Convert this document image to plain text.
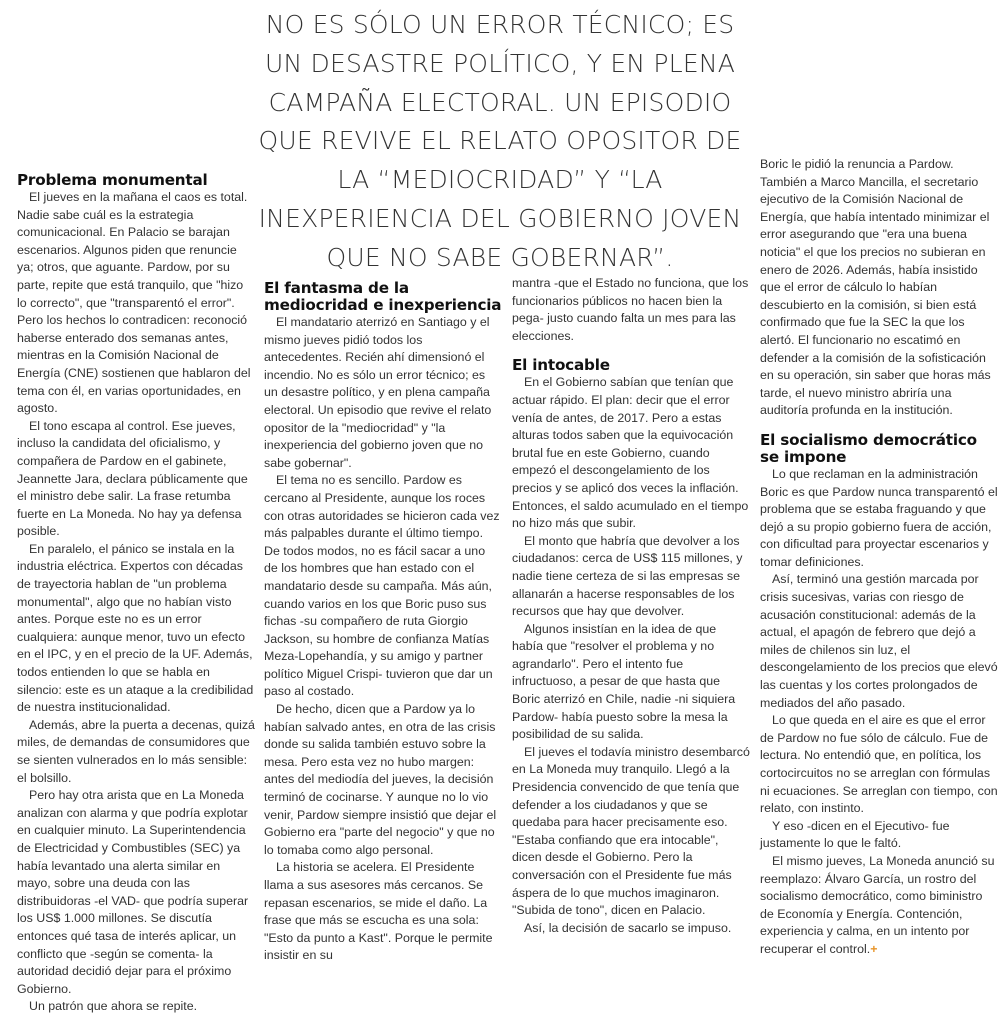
NO ES SÓLO UN ERROR TÉCNICO; ES UN DESASTRE POLÍTICO, Y EN PLENA CAMPAÑA ELECTORAL. UN EPISODIO QUE REVIVE EL RELATO OPOSITOR DE LA “MEDIOCRIDAD” Y “LA INEXPERIENCIA DEL GOBIERNO JOVEN QUE NO SABE GOBERNAR”.
Problema monumental

El jueves en la mañana el caos es total. Nadie sabe cuál es la estrategia comunicacional. En Palacio se barajan escenarios. Algunos piden que renuncie ya; otros, que aguante. Pardow, por su parte, repite que está tranquilo, que "hizo lo correcto", que "transparentó el error". Pero los hechos lo contradicen: reconoció haberse enterado dos semanas antes, mientras en la Comisión Nacional de Energía (CNE) sostienen que hablaron del tema con él, en varias oportunidades, en agosto.

El tono escapa al control. Ese jueves, incluso la candidata del oficialismo, y compañera de Pardow en el gabinete, Jeannette Jara, declara públicamente que el ministro debe salir. La frase retumba fuerte en La Moneda. No hay ya defensa posible.

En paralelo, el pánico se instala en la industria eléctrica. Expertos con décadas de trayectoria hablan de "un problema monumental", algo que no habían visto antes. Porque este no es un error cualquiera: aunque menor, tuvo un efecto en el IPC, y en el precio de la UF. Además, todos entienden lo que se habla en silencio: este es un ataque a la credibilidad de nuestra institucionalidad.

Además, abre la puerta a decenas, quizá miles, de demandas de consumidores que se sienten vulnerados en lo más sensible: el bolsillo.

Pero hay otra arista que en La Moneda analizan con alarma y que podría explotar en cualquier minuto. La Superintendencia de Electricidad y Combustibles (SEC) ya había levantado una alerta similar en mayo, sobre una deuda con las distribuidoras -el VAD- que podría superar los US$ 1.000 millones. Se discutía entonces qué tasa de interés aplicar, un conflicto que -según se comenta- la autoridad decidió dejar para el próximo Gobierno.

Un patrón que ahora se repite.

El fantasma de la mediocridad e inexperiencia

El mandatario aterrizó en Santiago y el mismo jueves pidió todos los antecedentes. Recién ahí dimensionó el incendio. No es sólo un error técnico; es un desastre político, y en plena campaña electoral. Un episodio que revive el relato opositor de la "mediocridad" y "la inexperiencia del gobierno joven que no sabe gobernar".

El tema no es sencillo. Pardow es cercano al Presidente, aunque los roces con otras autoridades se hicieron cada vez más palpables durante el último tiempo. De todos modos, no es fácil sacar a uno de los hombres que han estado con el mandatario desde su campaña. Más aún, cuando varios en los que Boric puso sus fichas -su compañero de ruta Giorgio Jackson, su hombre de confianza Matías Meza-Lopehandía, y su amigo y partner político Miguel Crispi- tuvieron que dar un paso al costado.

De hecho, dicen que a Pardow ya lo habían salvado antes, en otra de las crisis donde su salida también estuvo sobre la mesa. Pero esta vez no hubo margen: antes del mediodía del jueves, la decisión terminó de cocinarse. Y aunque no lo vio venir, Pardow siempre insistió que dejar el Gobierno era "parte del negocio" y que no lo tomaba como algo personal.

La historia se acelera. El Presidente llama a sus asesores más cercanos. Se repasan escenarios, se mide el daño. La frase que más se escucha es una sola: "Esto da punto a Kast". Porque le permite insistir en su

mantra -que el Estado no funciona, que los funcionarios públicos no hacen bien la pega- justo cuando falta un mes para las elecciones.

El intocable

En el Gobierno sabían que tenían que actuar rápido. El plan: decir que el error venía de antes, de 2017. Pero a estas alturas todos saben que la equivocación brutal fue en este Gobierno, cuando empezó el descongelamiento de los precios y se aplicó dos veces la inflación. Entonces, el saldo acumulado en el tiempo no hizo más que subir.

El monto que habría que devolver a los ciudadanos: cerca de US$ 115 millones, y nadie tiene certeza de si las empresas se allanarán a hacerse responsables de los recursos que hay que devolver.

Algunos insistían en la idea de que había que "resolver el problema y no agrandarlo". Pero el intento fue infructuoso, a pesar de que hasta que Boric aterrizó en Chile, nadie -ni siquiera Pardow- había puesto sobre la mesa la posibilidad de su salida.

El jueves el todavía ministro desembarcó en La Moneda muy tranquilo. Llegó a la Presidencia convencido de que tenía que defender a los ciudadanos y que se quedaba para hacer precisamente eso. "Estaba confiando que era intocable", dicen desde el Gobierno. Pero la conversación con el Presidente fue más áspera de lo que muchos imaginaron. "Subida de tono", dicen en Palacio.

Así, la decisión de sacarlo se impuso.

Boric le pidió la renuncia a Pardow. También a Marco Mancilla, el secretario ejecutivo de la Comisión Nacional de Energía, que había intentado minimizar el error asegurando que "era una buena noticia" el que los precios no subieran en enero de 2026. Además, había insistido que el error de cálculo lo habían descubierto en la comisión, si bien está confirmado que fue la SEC la que los alertó. El funcionario no escatimó en defender a la comisión de la sofisticación en su operación, sin saber que horas más tarde, el nuevo ministro abriría una auditoría profunda en la institución.

El socialismo democrático se impone

Lo que reclaman en la administración Boric es que Pardow nunca transparentó el problema que se estaba fraguando y que dejó a su propio gobierno fuera de acción, con dificultad para proyectar escenarios y tomar definiciones.

Así, terminó una gestión marcada por crisis sucesivas, varias con riesgo de acusación constitucional: además de la actual, el apagón de febrero que dejó a miles de chilenos sin luz, el descongelamiento de los precios que elevó las cuentas y los cortes prolongados de mediados del año pasado.

Lo que queda en el aire es que el error de Pardow no fue sólo de cálculo. Fue de lectura. No entendió que, en política, los cortocircuitos no se arreglan con fórmulas ni ecuaciones. Se arreglan con tiempo, con relato, con instinto.

Y eso -dicen en el Ejecutivo- fue justamente lo que le faltó.

El mismo jueves, La Moneda anunció su reemplazo: Álvaro García, un rostro del socialismo democrático, como biministro de Economía y Energía. Contención, experiencia y calma, en un intento por recuperar el control.+
